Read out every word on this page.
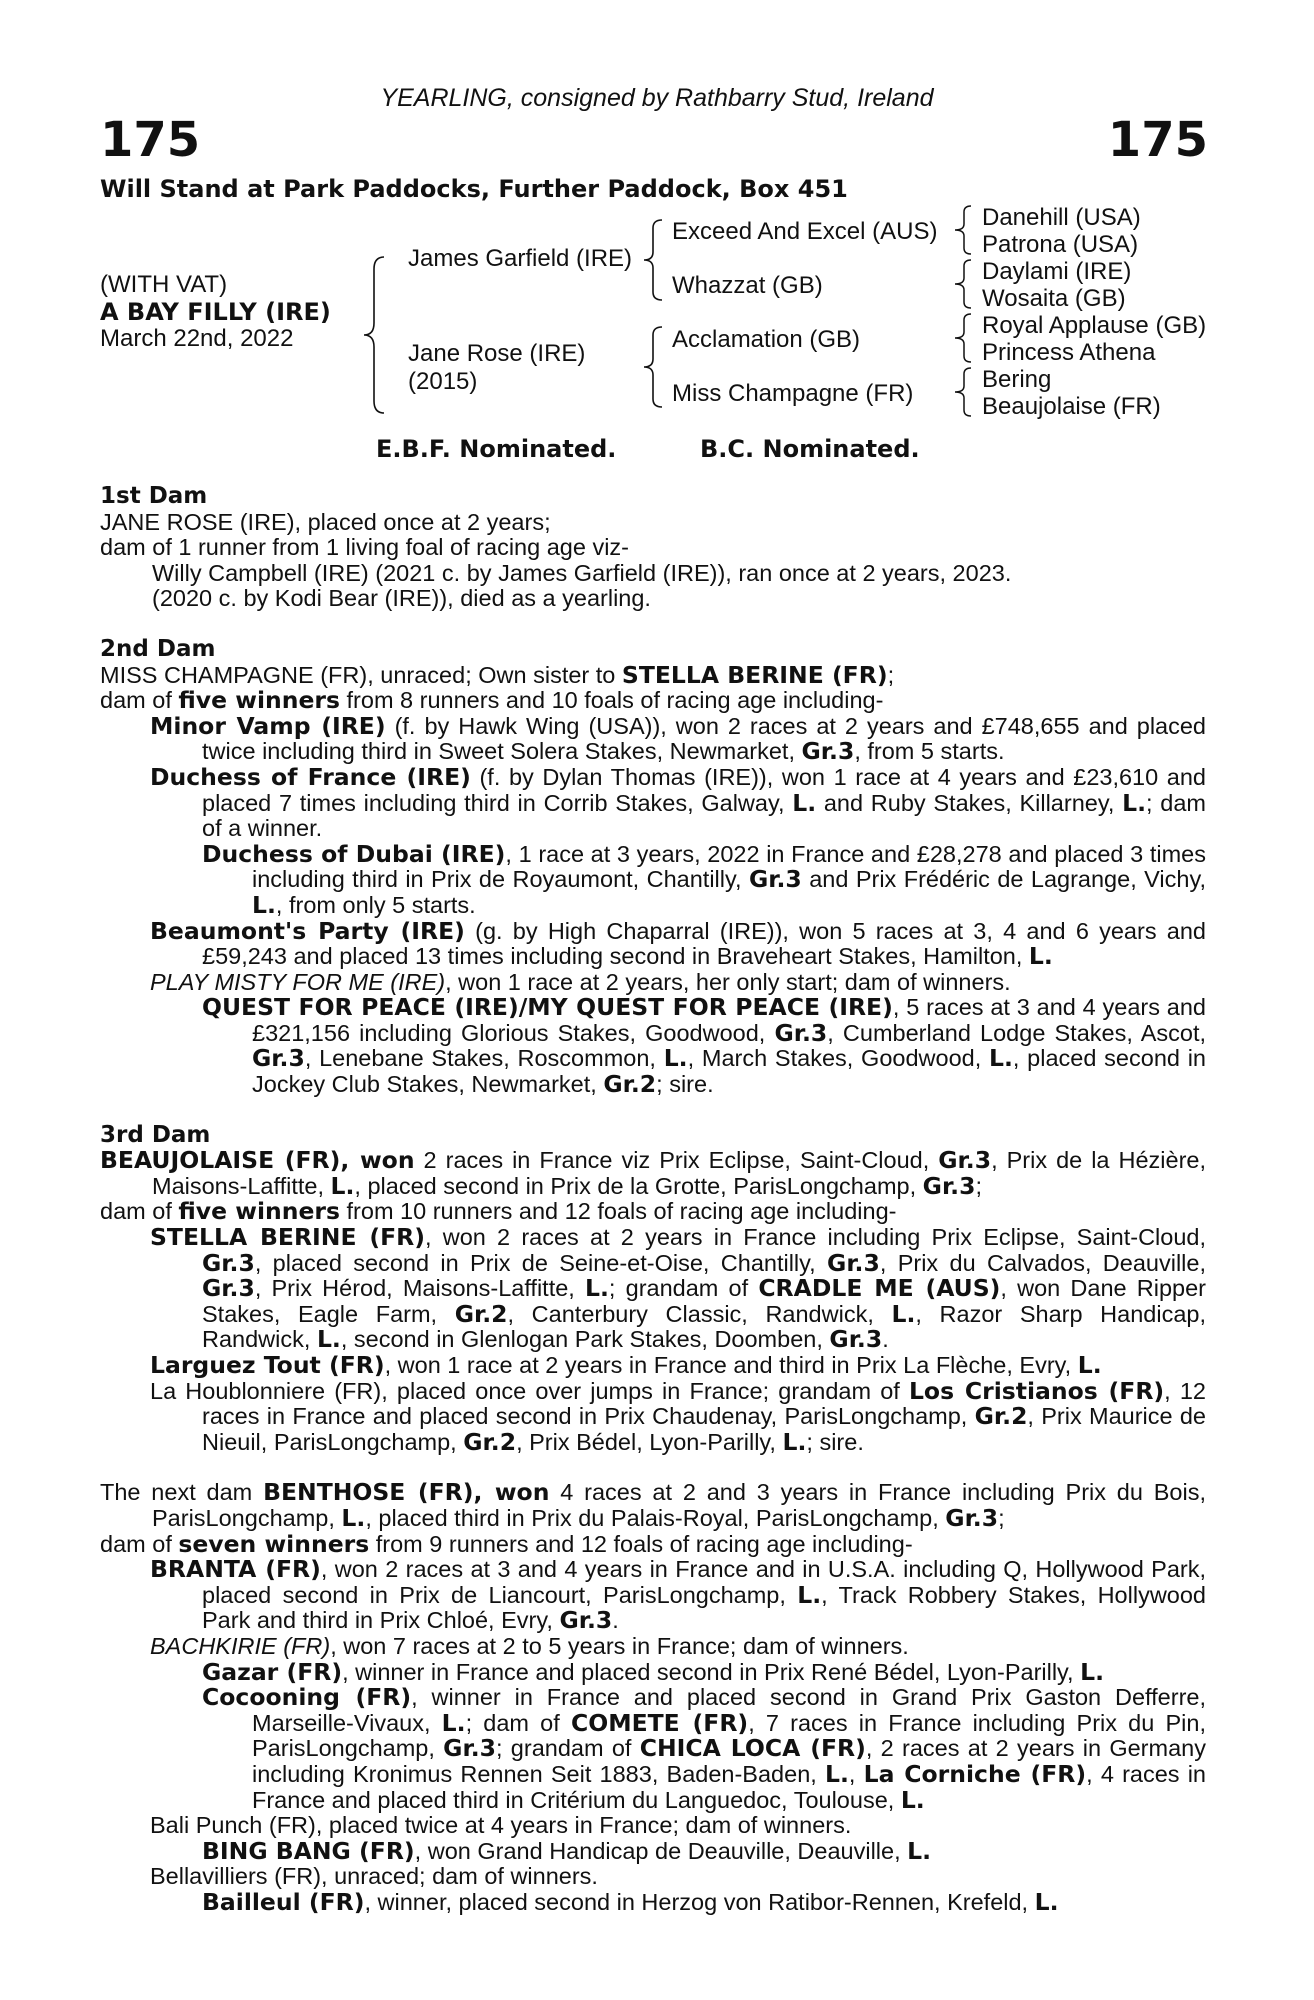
YEARLING, consigned by Rathbarry Stud, Ireland
175	175
Will Stand at Park Paddocks, Further Paddock, Box 451
(WITH VAT)
A BAY FILLY (IRE)
March 22nd, 2022
James Garfield (IRE)
Jane Rose (IRE)
(2015)
Exceed And Excel (AUS)
Whazzat (GB)
Acclamation (GB)
Miss Champagne (FR)
Danehill (USA)
Patrona (USA)
Daylami (IRE)
Wosaita (GB)
Royal Applause (GB)
Princess Athena
Bering
Beaujolaise (FR)
E.B.F. Nominated.	B.C. Nominated.

1st Dam

JANE ROSE (IRE), placed once at 2 years;

dam of 1 runner from 1 living foal of racing age viz-

Willy Campbell (IRE) (2021 c. by James Garfield (IRE)), ran once at 2 years, 2023.

(2020 c. by Kodi Bear (IRE)), died as a yearling.

2nd Dam

MISS CHAMPAGNE (FR), unraced; Own sister to STELLA BERINE (FR);

dam of five winners from 8 runners and 10 foals of racing age including-

Minor Vamp (IRE) (f. by Hawk Wing (USA)), won 2 races at 2 years and £748,655 and placed twice including third in Sweet Solera Stakes, Newmarket, Gr.3, from 5 starts.

Duchess of France (IRE) (f. by Dylan Thomas (IRE)), won 1 race at 4 years and £23,610 and placed 7 times including third in Corrib Stakes, Galway, L. and Ruby Stakes, Killarney, L.; dam of a winner.

Duchess of Dubai (IRE), 1 race at 3 years, 2022 in France and £28,278 and placed 3 times including third in Prix de Royaumont, Chantilly, Gr.3 and Prix Frédéric de Lagrange, Vichy, L., from only 5 starts.

Beaumont's Party (IRE) (g. by High Chaparral (IRE)), won 5 races at 3, 4 and 6 years and £59,243 and placed 13 times including second in Braveheart Stakes, Hamilton, L.

PLAY MISTY FOR ME (IRE), won 1 race at 2 years, her only start; dam of winners.

QUEST FOR PEACE (IRE)/MY QUEST FOR PEACE (IRE), 5 races at 3 and 4 years and £321,156 including Glorious Stakes, Goodwood, Gr.3, Cumberland Lodge Stakes, Ascot, Gr.3, Lenebane Stakes, Roscommon, L., March Stakes, Goodwood, L., placed second in Jockey Club Stakes, Newmarket, Gr.2; sire.

3rd Dam

BEAUJOLAISE (FR), won 2 races in France viz Prix Eclipse, Saint-Cloud, Gr.3, Prix de la Hézière, Maisons-Laffitte, L., placed second in Prix de la Grotte, ParisLongchamp, Gr.3;

dam of five winners from 10 runners and 12 foals of racing age including-

STELLA BERINE (FR), won 2 races at 2 years in France including Prix Eclipse, Saint-Cloud, Gr.3, placed second in Prix de Seine-et-Oise, Chantilly, Gr.3, Prix du Calvados, Deauville, Gr.3, Prix Hérod, Maisons-Laffitte, L.; grandam of CRADLE ME (AUS), won Dane Ripper Stakes, Eagle Farm, Gr.2, Canterbury Classic, Randwick, L., Razor Sharp Handicap, Randwick, L., second in Glenlogan Park Stakes, Doomben, Gr.3.

Larguez Tout (FR), won 1 race at 2 years in France and third in Prix La Flèche, Evry, L.

La Houblonniere (FR), placed once over jumps in France; grandam of Los Cristianos (FR), 12 races in France and placed second in Prix Chaudenay, ParisLongchamp, Gr.2, Prix Maurice de Nieuil, ParisLongchamp, Gr.2, Prix Bédel, Lyon-Parilly, L.; sire.

The next dam BENTHOSE (FR), won 4 races at 2 and 3 years in France including Prix du Bois, ParisLongchamp, L., placed third in Prix du Palais-Royal, ParisLongchamp, Gr.3;

dam of seven winners from 9 runners and 12 foals of racing age including-

BRANTA (FR), won 2 races at 3 and 4 years in France and in U.S.A. including Q, Hollywood Park, placed second in Prix de Liancourt, ParisLongchamp, L., Track Robbery Stakes, Hollywood Park and third in Prix Chloé, Evry, Gr.3.

BACHKIRIE (FR), won 7 races at 2 to 5 years in France; dam of winners.

Gazar (FR), winner in France and placed second in Prix René Bédel, Lyon-Parilly, L.

Cocooning (FR), winner in France and placed second in Grand Prix Gaston Defferre, Marseille-Vivaux, L.; dam of COMETE (FR), 7 races in France including Prix du Pin, ParisLongchamp, Gr.3; grandam of CHICA LOCA (FR), 2 races at 2 years in Germany including Kronimus Rennen Seit 1883, Baden-Baden, L., La Corniche (FR), 4 races in France and placed third in Critérium du Languedoc, Toulouse, L.

Bali Punch (FR), placed twice at 4 years in France; dam of winners.

BING BANG (FR), won Grand Handicap de Deauville, Deauville, L.

Bellavilliers (FR), unraced; dam of winners.

Bailleul (FR), winner, placed second in Herzog von Ratibor-Rennen, Krefeld, L.
